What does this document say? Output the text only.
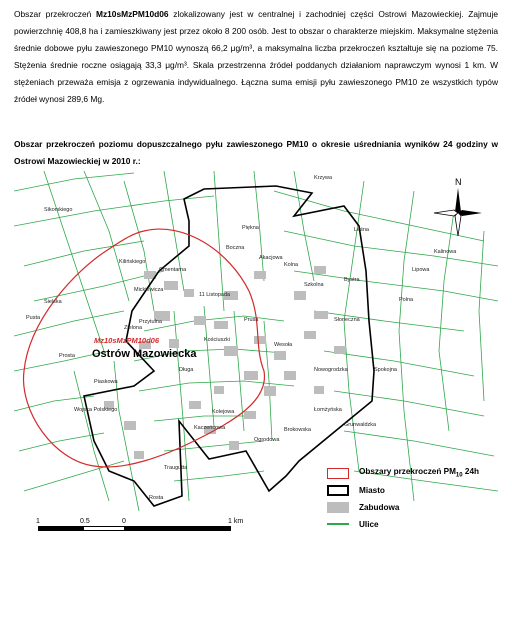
Obszar przekroczeń Mz10sMzPM10d06 zlokalizowany jest w centralnej i zachodniej części Ostrowi Mazowieckiej. Zajmuje powierzchnię 408,8 ha i zamieszkiwany jest przez około 8 200 osób. Jest to obszar o charakterze miejskim. Maksymalne stężenia średnie dobowe pyłu zawieszonego PM10 wynoszą 66,2 μg/m³, a maksymalna liczba przekroczeń kształtuje się na poziome 75. Stężenia średnie roczne osiągają 33,3 μg/m³. Skala przestrzenna źródeł poddanych działaniom naprawczym wynosi 1 km. W stężeniach przeważa emisja z ogrzewania indywidualnego. Łączna suma emisji pyłu zawieszonego PM10 ze wszystkich typów źródeł wynosi 289,6 Mg.
Obszar przekroczeń poziomu dopuszczalnego pyłu zawieszonego PM10 o okresie uśredniania wyników 24 godziny w Ostrowi Mazowieckiej w 2010 r.:
Sielska
Pusta
Prosta
Wojska Polskiego
Sikorskiego
Kalinowa
Lipowa
Polna
Łomżyńska
Traugutta
Brokowska
Rosta
Kolejowa
Spokojna
Kaczeńcowa
Zielona
Słoneczna
Piękna
Boczna
Wesoła
Kilińskiego
Cmentarna
Mickiewicza
11 Listopada
Prusa
Kolna
Szkolna
Piaskowa
Kościuszki
Grunwaldzka
Nowogrodzka
Krzywa
Akacjowa
Bystra
Przytulna
Długa
Leśna
Ogrodowa
Mz10sMzPM10d06
Ostrów Mazowiecka
N
Obszary przekroczeń $PM_{10}$ 24h
Miasto
Zabudowa
Ulice
1	0.5	0	1 km
